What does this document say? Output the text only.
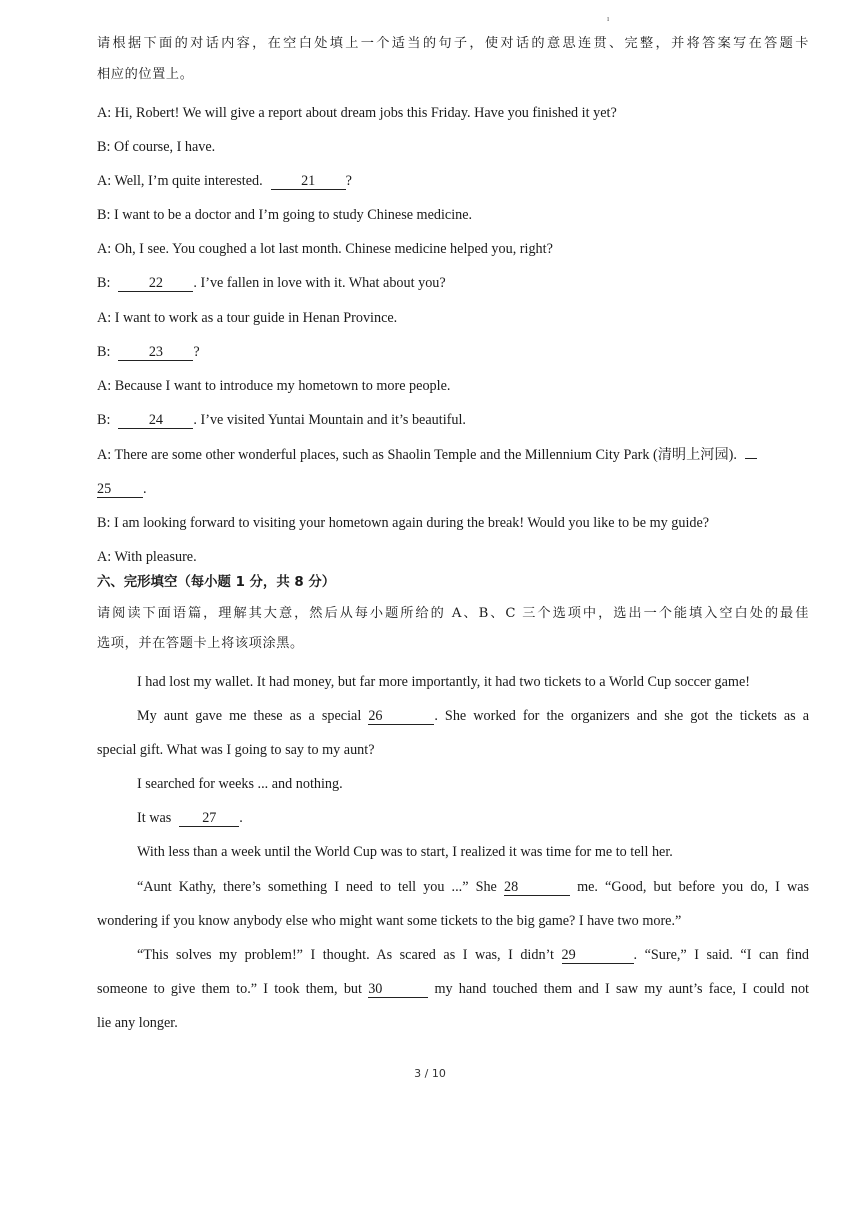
ı
请根据下面的对话内容，在空白处填上一个适当的句子，使对话的意思连贯、完整，并将答案写在答题卡
相应的位置上。
A: Hi, Robert! We will give a report about dream jobs this Friday. Have you finished it yet?
B: Of course, I have.
A: Well, I’m quite interested.	21 ?
B: I want to be a doctor and I’m going to study Chinese medicine.
A: Oh, I see. You coughed a lot last month. Chinese medicine helped you, right?
B:	22 . I’ve fallen in love with it. What about you?
A: I want to work as a tour guide in Henan Province.
B:	23 ?
A: Because I want to introduce my hometown to more people.
B:	24 . I’ve visited Yuntai Mountain and it’s beautiful.
A: There are some other wonderful places, such as Shaolin Temple and the Millennium City Park (清明上河园).
25 .
B: I am looking forward to visiting your hometown again during the break! Would you like to be my guide?
A: With pleasure.
六、完形填空（每小题 1 分，共 8 分）
请阅读下面语篇，理解其大意，然后从每小题所给的 A、B、C 三个选项中，选出一个能填入空白处的最佳
选项，并在答题卡上将该项涂黑。
I had lost my wallet. It had money, but far more importantly, it had two tickets to a World Cup soccer game!
My aunt gave me these as a special 26	. She worked for the organizers and she got the tickets as a
special gift. What was I going to say to my aunt?
I searched for weeks ... and nothing.
It was 27 .
With less than a week until the World Cup was to start, I realized it was time for me to tell her.
“Aunt Kathy, there’s something I need to tell you ...” She 28	me. “Good, but before you do, I was
wondering if you know anybody else who might want some tickets to the big game? I have two more.”
“This solves my problem!” I thought. As scared as I was, I didn’t 29	. “Sure,” I said. “I can find
someone to give them to.” I took them, but 30	my hand touched them and I saw my aunt’s face, I could not
lie any longer.
3 / 10
